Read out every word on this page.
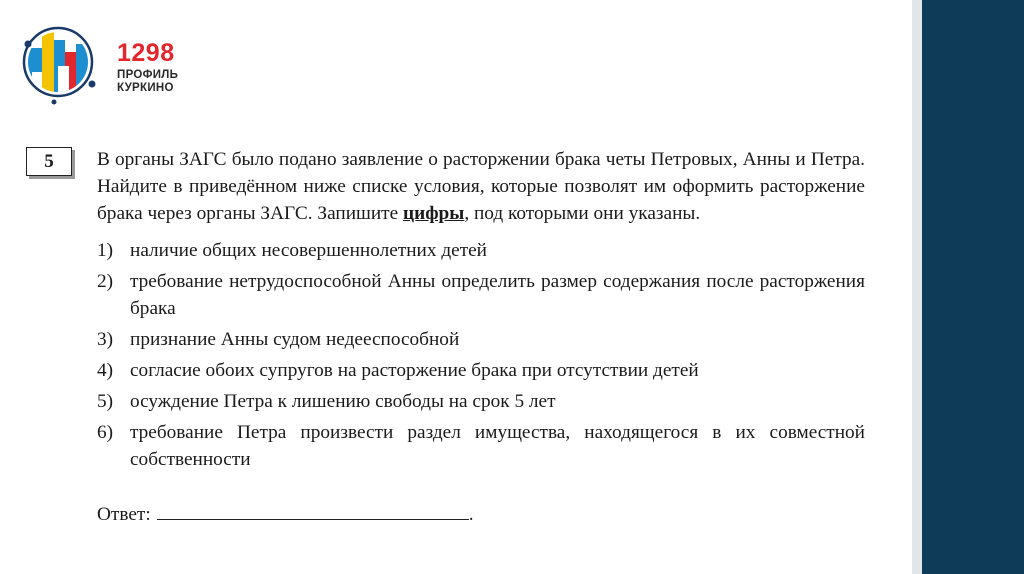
1298
ПРОФИЛЬ
КУРКИНО
5	В органы ЗАГС было подано заявление о расторжении брака четы Петровых, Анны и Петра. Найдите в приведённом ниже списке условия, которые позволят им оформить расторжение брака через органы ЗАГС. Запишите цифры, под которыми они указаны.

1) наличие общих несовершеннолетних детей
2) требование нетрудоспособной Анны определить размер содержания после расторжения брака
3) признание Анны судом недееспособной
4) согласие обоих супругов на расторжение брака при отсутствии детей
5) осуждение Петра к лишению свободы на срок 5 лет
6) требование Петра произвести раздел имущества, находящегося в их совместной собственности
Ответ:	.
